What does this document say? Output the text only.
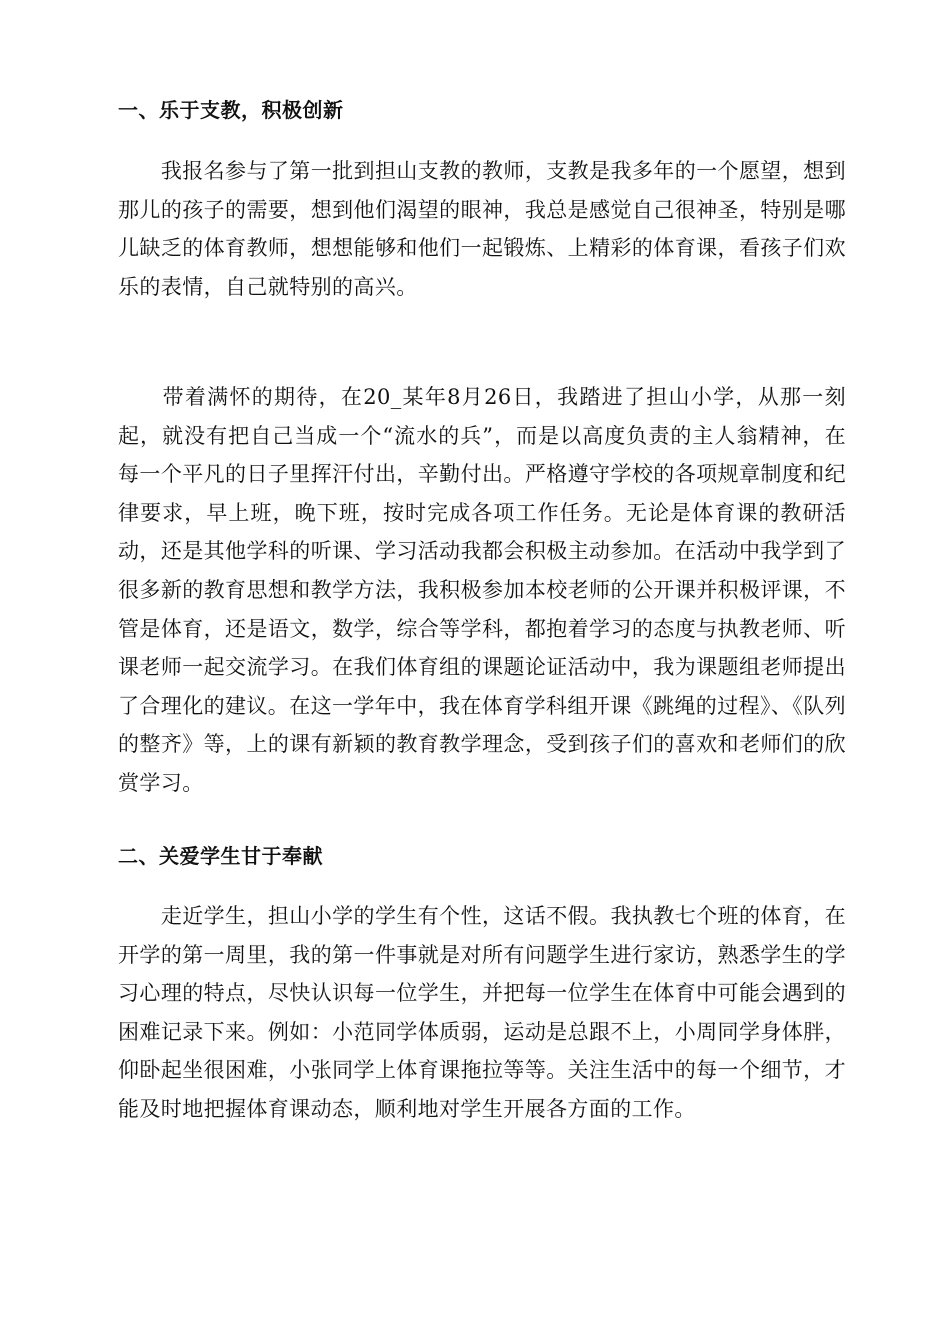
一、乐于支教，积极创新

　　我报名参与了第一批到担山支教的教师，支教是我多年的一个愿望，想到那儿的孩子的需要，想到他们渴望的眼神，我总是感觉自己很神圣，特别是哪儿缺乏的体育教师，想想能够和他们一起锻炼、上精彩的体育课，看孩子们欢乐的表情，自己就特别的高兴。

　　带着满怀的期待，在20_某年8月26日，我踏进了担山小学，从那一刻起，就没有把自己当成一个“流水的兵”，而是以高度负责的主人翁精神，在每一个平凡的日子里挥汗付出，辛勤付出。严格遵守学校的各项规章制度和纪律要求，早上班，晚下班，按时完成各项工作任务。无论是体育课的教研活动，还是其他学科的听课、学习活动我都会积极主动参加。在活动中我学到了很多新的教育思想和教学方法，我积极参加本校老师的公开课并积极评课，不管是体育，还是语文，数学，综合等学科，都抱着学习的态度与执教老师、听课老师一起交流学习。在我们体育组的课题论证活动中，我为课题组老师提出了合理化的建议。在这一学年中，我在体育学科组开课《跳绳的过程》、《队列的整齐》等，上的课有新颖的教育教学理念，受到孩子们的喜欢和老师们的欣赏学习。

二、关爱学生甘于奉献

　　走近学生，担山小学的学生有个性，这话不假。我执教七个班的体育，在开学的第一周里，我的第一件事就是对所有问题学生进行家访，熟悉学生的学习心理的特点，尽快认识每一位学生，并把每一位学生在体育中可能会遇到的困难记录下来。例如：小范同学体质弱，运动是总跟不上，小周同学身体胖，仰卧起坐很困难，小张同学上体育课拖拉等等。关注生活中的每一个细节，才能及时地把握体育课动态，顺利地对学生开展各方面的工作。
